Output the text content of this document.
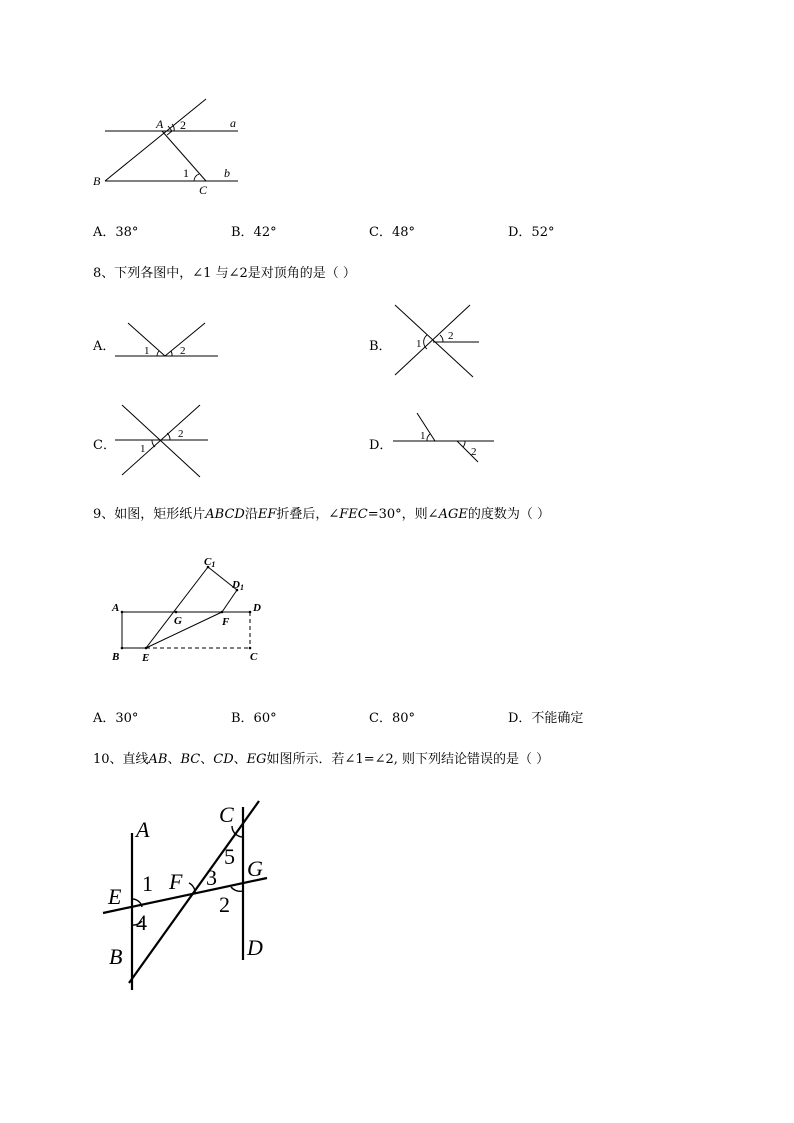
A 2	a
B
1
C
b
A．38°	B．42°	C．48°	D．52°
8、下列各图中，∠1 与∠2是对顶角的是（ ）
A．	1	2	B． 1
2
C． 1
2
D．
1
2
9、如图，矩形纸片ABCD沿EF折叠后，∠FEC=30°，则∠AGE的度数为（ ）
C1
D1
A
G	F
D
B E	C
A．30°	B．60°	C．80°	D．不能确定
10、直线AB、BC、CD、EG如图所示．若∠1=∠2, 则下列结论错误的是（ ）
A
C
5 G
E
1 F 3
2
4
B	D
